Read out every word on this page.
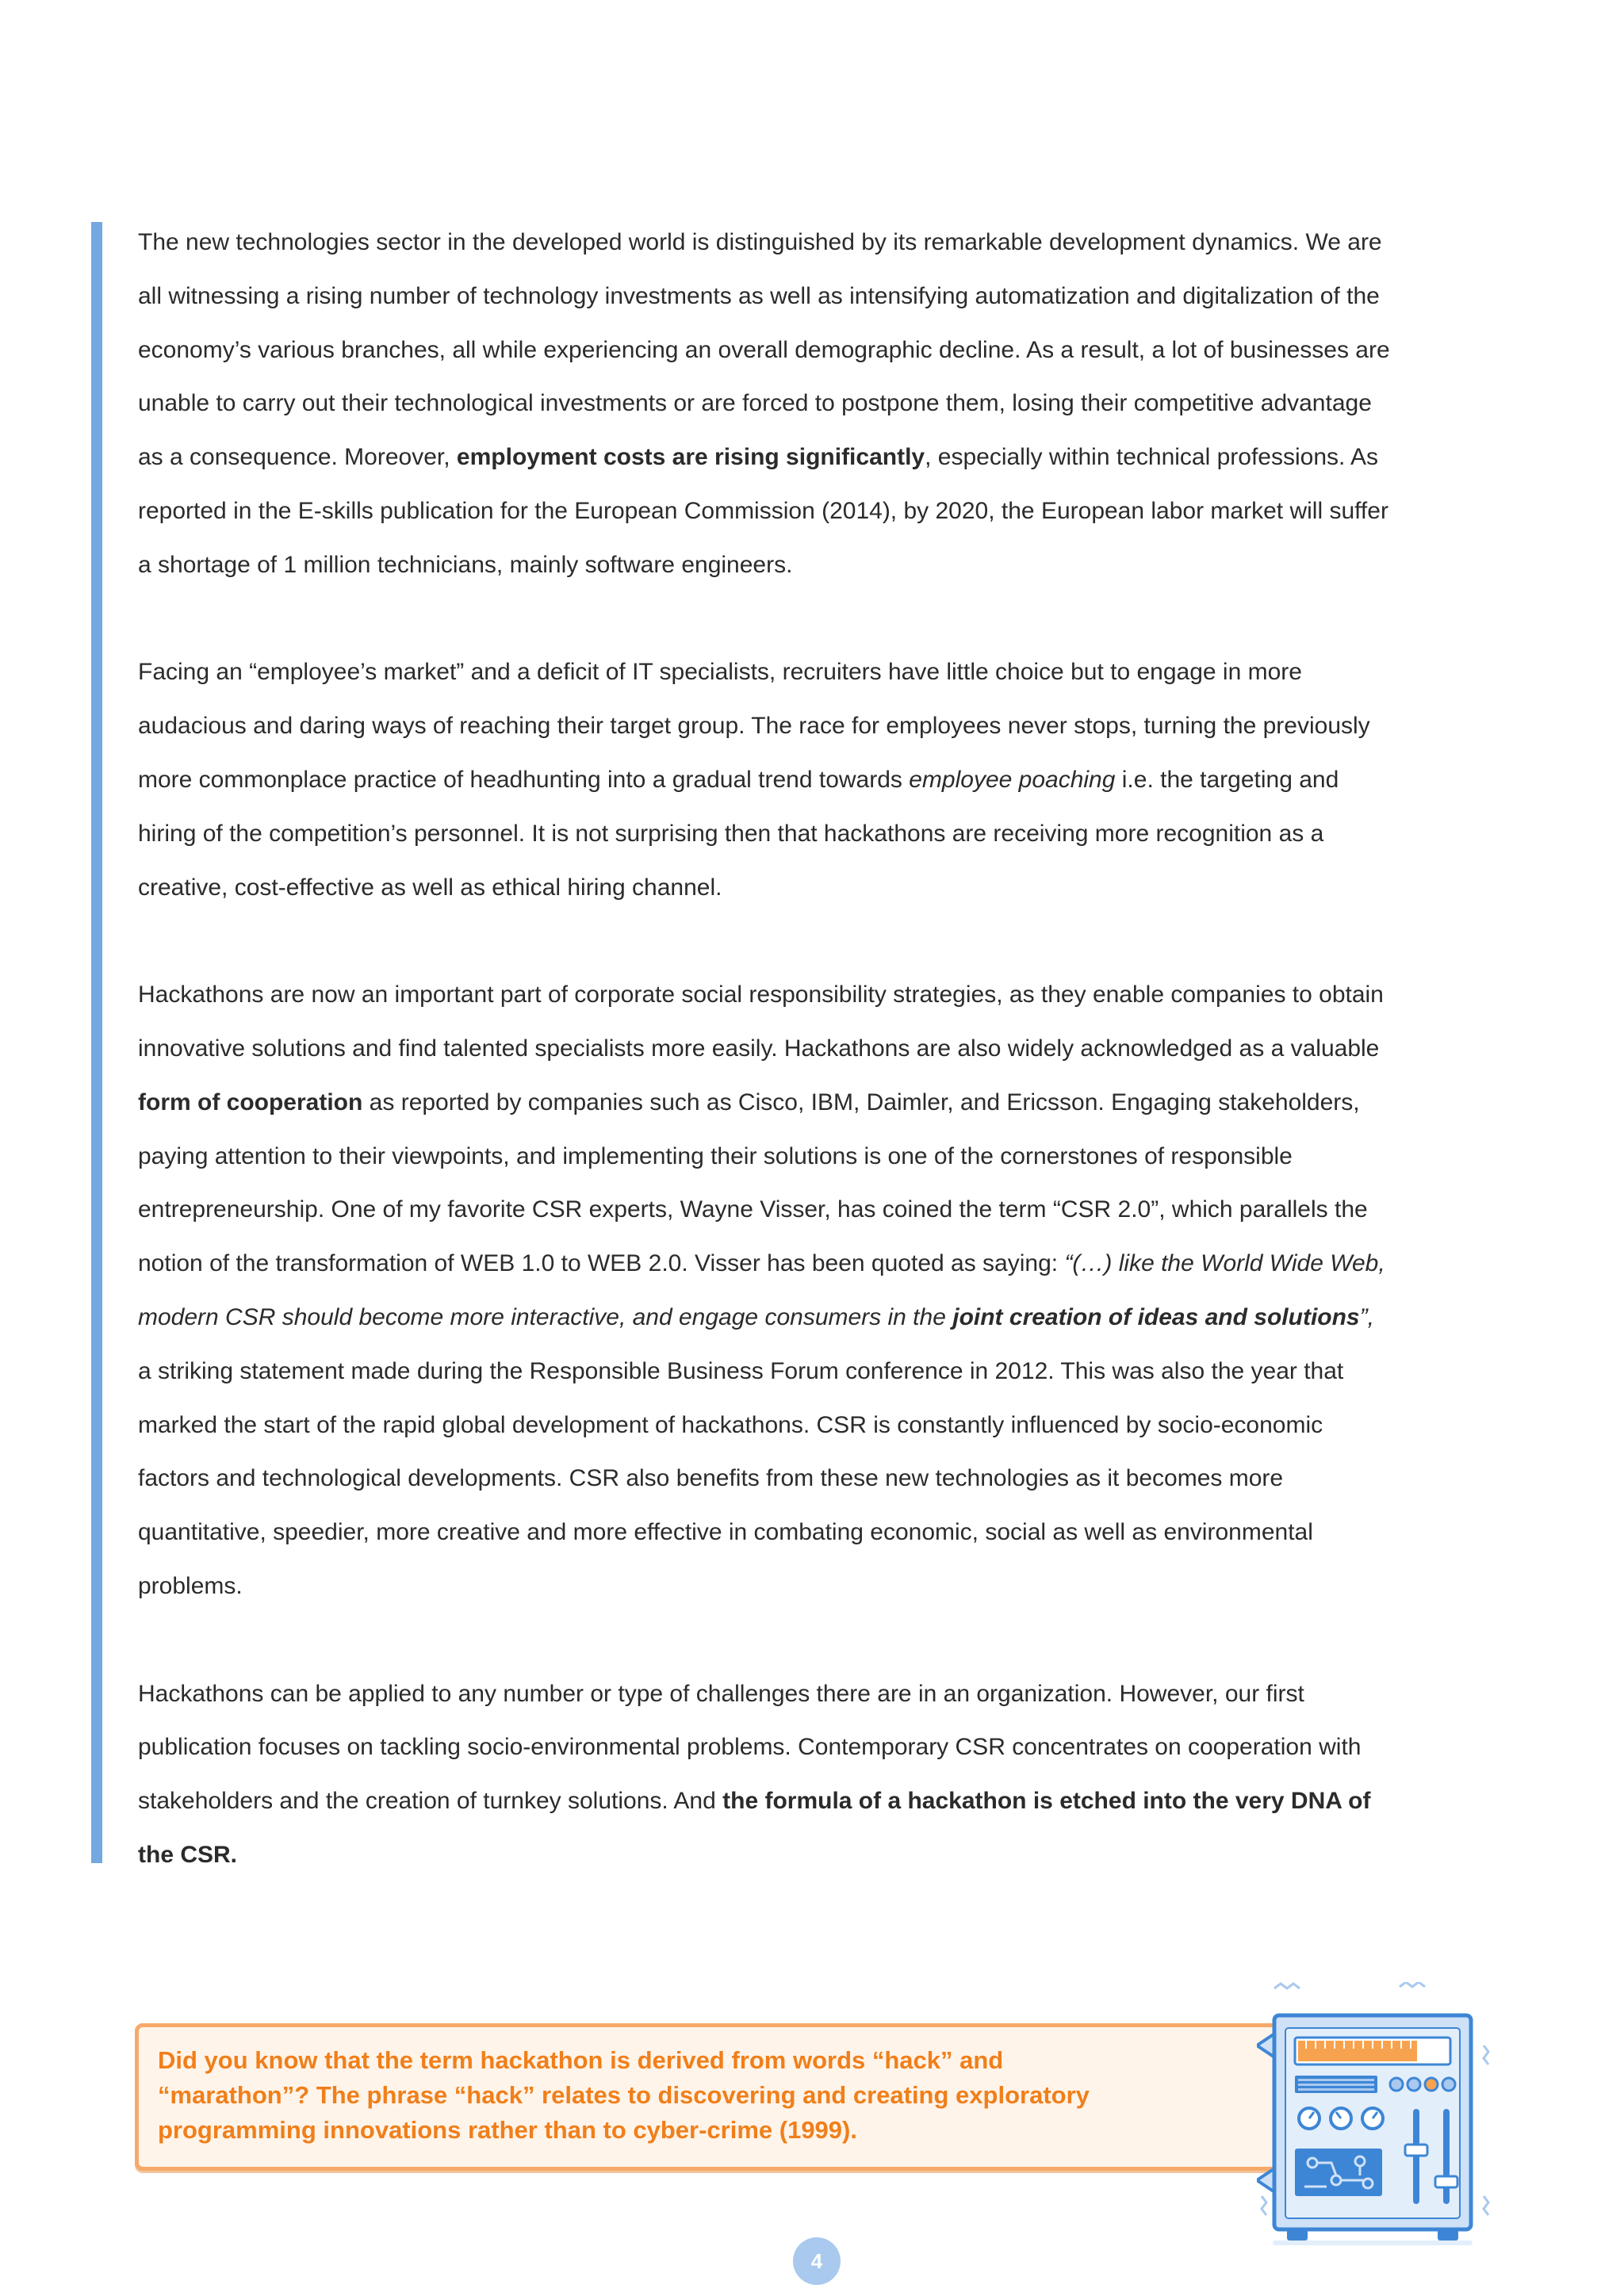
The new technologies sector in the developed world is distinguished by its remarkable development dynamics. We are
all witnessing a rising number of technology investments as well as intensifying automatization and digitalization of the
economy’s various branches, all while experiencing an overall demographic decline. As a result, a lot of businesses are
unable to carry out their technological investments or are forced to postpone them, losing their competitive advantage
as a consequence. Moreover, employment costs are rising significantly, especially within technical professions. As
reported in the E-skills publication for the European Commission (2014), by 2020, the European labor market will suffer
a shortage of 1 million technicians, mainly software engineers.

Facing an “employee’s market” and a deficit of IT specialists, recruiters have little choice but to engage in more
audacious and daring ways of reaching their target group. The race for employees never stops, turning the previously
more commonplace practice of headhunting into a gradual trend towards employee poaching i.e. the targeting and
hiring of the competition’s personnel. It is not surprising then that hackathons are receiving more recognition as a
creative, cost-effective as well as ethical hiring channel.

Hackathons are now an important part of corporate social responsibility strategies, as they enable companies to obtain
innovative solutions and find talented specialists more easily. Hackathons are also widely acknowledged as a valuable
form of cooperation as reported by companies such as Cisco, IBM, Daimler, and Ericsson. Engaging stakeholders,
paying attention to their viewpoints, and implementing their solutions is one of the cornerstones of responsible
entrepreneurship. One of my favorite CSR experts, Wayne Visser, has coined the term “CSR 2.0”, which parallels the
notion of the transformation of WEB 1.0 to WEB 2.0. Visser has been quoted as saying: “(…) like the World Wide Web,
modern CSR should become more interactive, and engage consumers in the joint creation of ideas and solutions”,
a striking statement made during the Responsible Business Forum conference in 2012. This was also the year that
marked the start of the rapid global development of hackathons. CSR is constantly influenced by socio-economic
factors and technological developments. CSR also benefits from these new technologies as it becomes more
quantitative, speedier, more creative and more effective in combating economic, social as well as environmental
problems.

Hackathons can be applied to any number or type of challenges there are in an organization. However, our first
publication focuses on tackling socio-environmental problems. Contemporary CSR concentrates on cooperation with
stakeholders and the creation of turnkey solutions. And the formula of a hackathon is etched into the very DNA of
the CSR.

Did you know that the term hackathon is derived from words “hack” and
“marathon”? The phrase “hack” relates to discovering and creating exploratory
programming innovations rather than to cyber-crime (1999).
4
